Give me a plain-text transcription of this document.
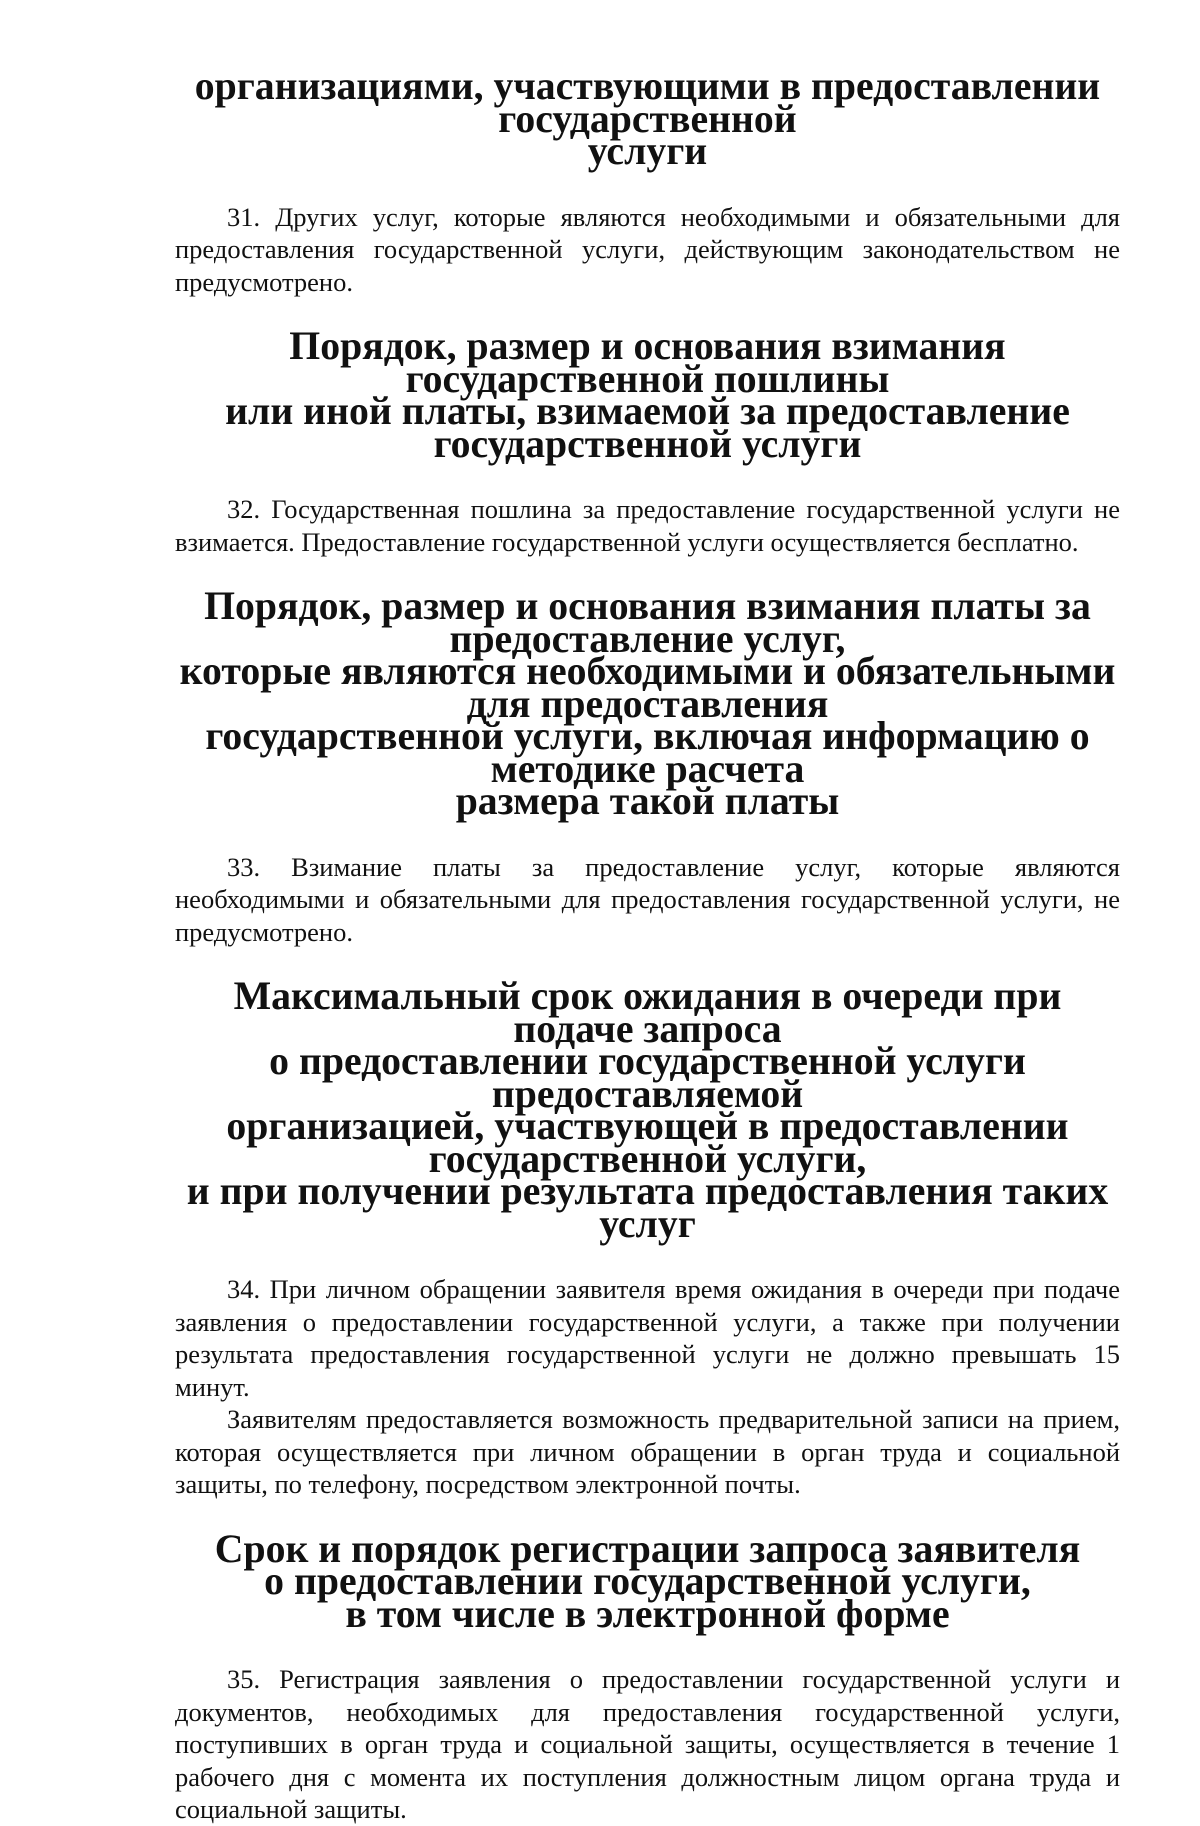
организациями, участвующими в предоставлении государственной
услуги

31. Других услуг, которые являются необходимыми и обязательными для предоставления государственной услуги, действующим законодательством не предусмотрено.

Порядок, размер и основания взимания государственной пошлины
или иной платы, взимаемой за предоставление
государственной услуги

32. Государственная пошлина за предоставление государственной услуги не взимается. Предоставление государственной услуги осуществляется бесплатно.

Порядок, размер и основания взимания платы за предоставление услуг,
которые являются необходимыми и обязательными для предоставления
государственной услуги, включая информацию о методике расчета
размера такой платы

33. Взимание платы за предоставление услуг, которые являются необходимыми и обязательными для предоставления государственной услуги, не предусмотрено.

Максимальный срок ожидания в очереди при подаче запроса
о предоставлении государственной услуги предоставляемой
организацией, участвующей в предоставлении государственной услуги,
и при получении результата предоставления таких услуг

34. При личном обращении заявителя время ожидания в очереди при подаче заявления о предоставлении государственной услуги, а также при получении результата предоставления государственной услуги не должно превышать 15 минут.

Заявителям предоставляется возможность предварительной записи на прием, которая осуществляется при личном обращении в орган труда и социальной защиты, по телефону, посредством электронной почты.

Срок и порядок регистрации запроса заявителя
о предоставлении государственной услуги,
в том числе в электронной форме

35. Регистрация заявления о предоставлении государственной услуги и документов, необходимых для предоставления государственной услуги, поступивших в орган труда и социальной защиты, осуществляется в течение 1 рабочего дня с момента их поступления должностным лицом органа труда и социальной защиты.
